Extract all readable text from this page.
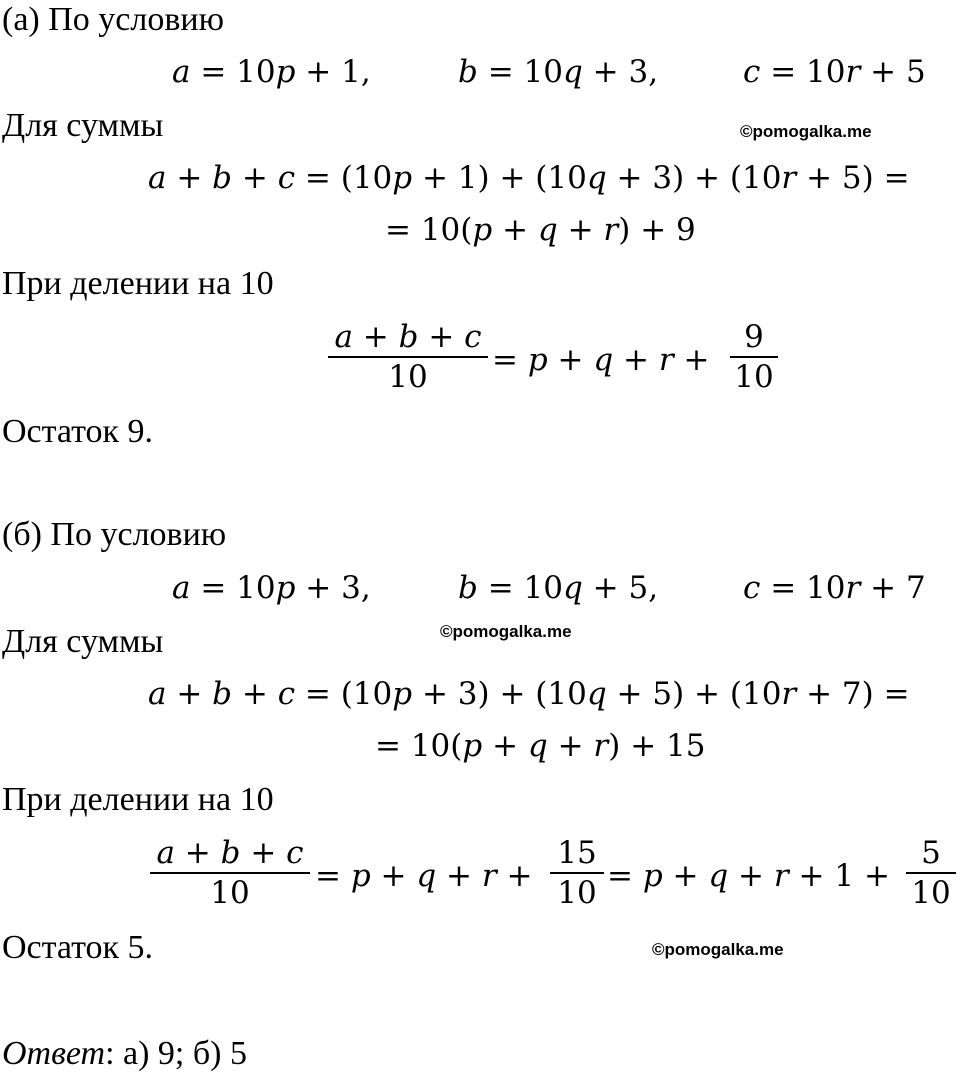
(а) По условию
𝑎 = 10𝑝 + 1,	𝑏 = 10𝑞 + 3,	𝑐 = 10𝑟 + 5
Для суммы	©pomogalka.me
𝑎 + 𝑏 + 𝑐 = (10𝑝 + 1) + (10𝑞 + 3) + (10𝑟 + 5) =
= 10(𝑝 + 𝑞 + 𝑟) + 9
При делении на 10
𝑎 + 𝑏 + 𝑐
10	= 𝑝 + 𝑞 + 𝑟 + $\frac{9}{10}$
Остаток 9.
(б) По условию
𝑎 = 10𝑝 + 3,	𝑏 = 10𝑞 + 5,	𝑐 = 10𝑟 + 7
©pomogalka.me
Для суммы
𝑎 + 𝑏 + 𝑐 = (10𝑝 + 3) + (10𝑞 + 5) + (10𝑟 + 7) =
= 10(𝑝 + 𝑞 + 𝑟) + 15
При делении на 10
𝑎 + 𝑏 + 𝑐
10	= 𝑝 + 𝑞 + 𝑟 + $\frac{15}{10}$ = 𝑝 + 𝑞 + 𝑟 + $1 + \frac{5}{10}$
Остаток 5.	©pomogalka.me
Ответ: а) 9; б) 5
